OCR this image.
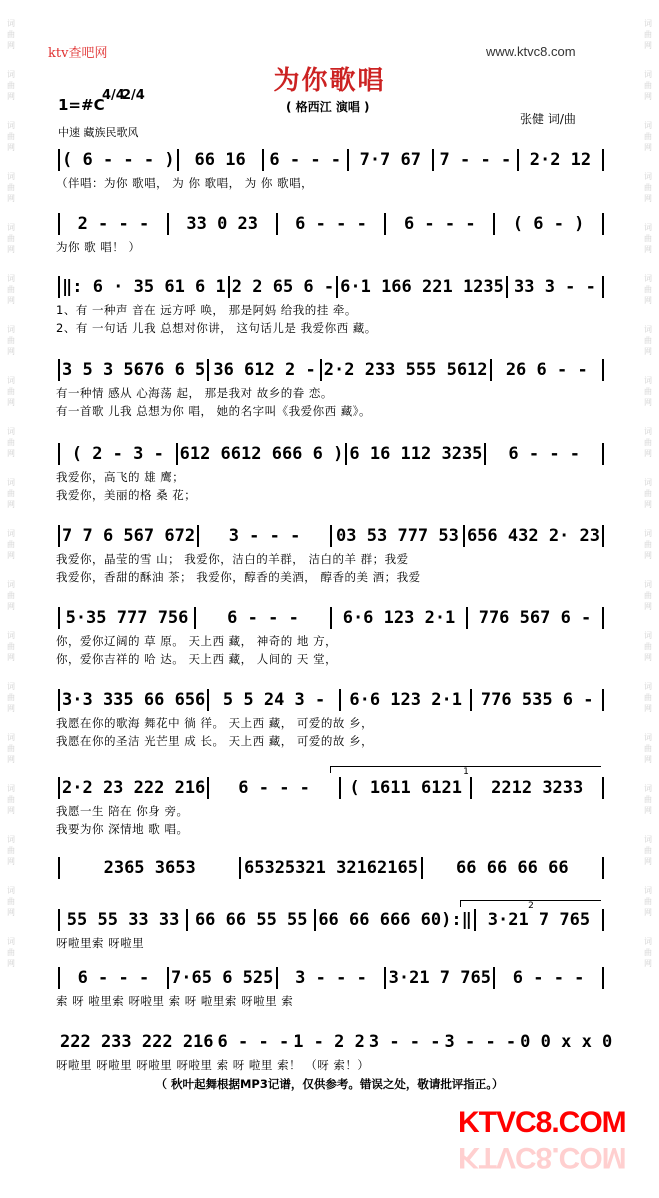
词
曲
网
词
曲
网
词
曲
网
词
曲
网
词
曲
网
词
曲
网
词
曲
网
词
曲
网
词
曲
网
词
曲
网
词
曲
网
词
曲
网
词
曲
网
词
曲
网
词
曲
网
词
曲
网
词
曲
网
词
曲
网
词
曲
网
词
曲
网
词
曲
网
词
曲
网
词
曲
网
词
曲
网
词
曲
网
词
曲
网
词
曲
网
词
曲
网
词
曲
网
词
曲
网
词
曲
网
词
曲
网
词
曲
网
词
曲
网
词
曲
网
词
曲
网
词
曲
网
词
曲
网
ktv查吧网	www.ktvc8.com
为你歌唱
1=#C
4/4
2/4
( 格西江 演唱 )
中速 藏族民歌风
张健 词/曲
( 6 - - - )	66 16	6 - - -	7·7 67	7 - - -	2·2 12
（伴唱：为你 歌唱， 为 你 歌唱， 为 你 歌唱，
2 - - -	33 0 23	6 - - -	6 - - -	( 6 - )
为你 歌 唱！ ）
‖: 6 · 35 61 6 1 2 2 65 6 - 6·1 166 221 1235 33 3 - -
1、有 一种声 音在 远方呼 唤， 那是阿妈 给我的挂 牵。
2、有 一句话 儿我 总想对你讲， 这句话儿是 我爱你西 藏。
3 5 3 5676 6 5 36 612 2 - 2·2 233 555 5612	26 6 - -
有一种情 感从 心海荡 起， 那是我对 故乡的眷 恋。
有一首歌 儿我 总想为你 唱， 她的名字叫《我爱你西 藏》。
( 2 - 3 - 612 6612 666 6 ) 6 16 112 3235	6 - - -
我爱你，高飞的 雄 鹰；
我爱你，美丽的格 桑 花；
7 7 6 567 672	3 - - -	03 53 777 53 656 432 2· 23
我爱你，晶莹的雪 山； 我爱你，洁白的羊群， 洁白的羊 群；我爱
我爱你，香甜的酥油 茶； 我爱你，醇香的美酒， 醇香的美 酒；我爱
5·35 777 756	6 - - -	6·6 123 2·1	776 567 6 -
你，爱你辽阔的 草 原。 天上西 藏， 神奇的 地 方，
你，爱你吉祥的 哈 达。 天上西 藏， 人间的 天 堂，
3·3 335 66 656	5 5 24 3 -	6·6 123 2·1	776 535 6 -
我愿在你的歌海 舞花中 徜 徉。 天上西 藏， 可爱的故 乡，
我愿在你的圣洁 光芒里 成 长。 天上西 藏， 可爱的故 乡，
2·2 23 222 216	6 - - -	( 1611 6121	2212 3233
我愿一生 陪在 你身 旁。
我要为你 深情地 歌 唱。
2365 3653	65325321 32162165	66 66 66 66
55 55 33 33 66 66 55 55 66 66 666 60):‖ 3·21 7 765
呀啦里索 呀啦里
6 - - -	7·65 6 525	3 - - -	3·21 7 765	6 - - -
索 呀 啦里索 呀啦里 索 呀 啦里索 呀啦里 索
222 233 222 216 6 - - - 1 - 2 2 3 - - - 3 - - - 0 0 x x 0
呀啦里 呀啦里 呀啦里 呀啦里 索 呀 啦里 索！ （呀 索！）
1
2
（ 秋叶起舞根据MP3记谱，仅供参考。错误之处，敬请批评指正。）
KTVC8.COM
KTVC8.COM
